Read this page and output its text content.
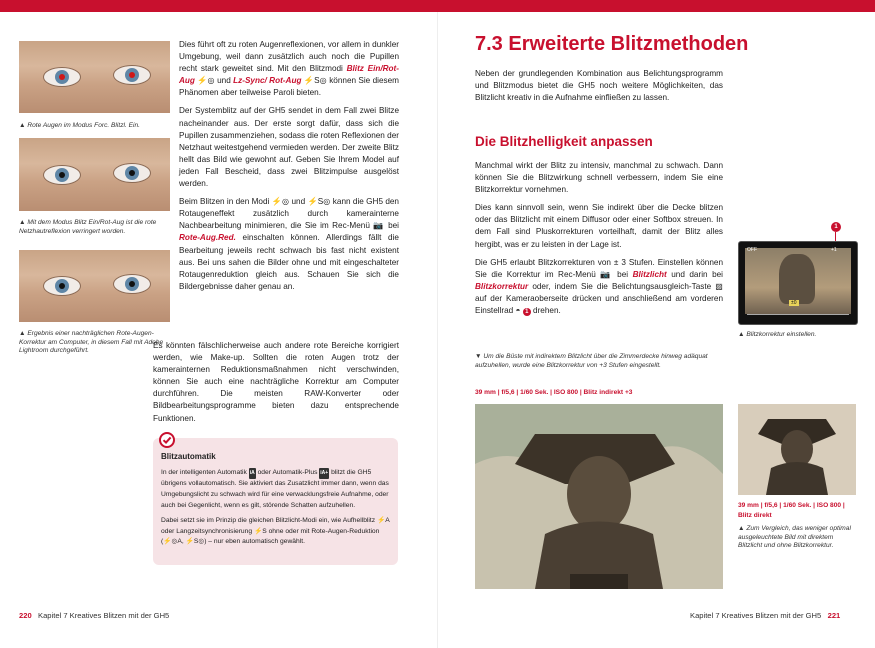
▲ Rote Augen im Modus Forc. Blitzl. Ein.
▲ Mit dem Modus Blitz Ein/Rot-Aug ist die rote Netzhautreflexion verringert worden.
▲ Ergebnis einer nachträglichen Rote-Augen-Korrektur am Computer, in diesem Fall mit Adobe Lightroom durchgeführt.

Dies führt oft zu roten Augenreflexionen, vor allem in dunkler Umgebung, weil dann zusätzlich auch noch die Pupillen recht stark geweitet sind. Mit den Blitzmodi Blitz Ein/Rot-Aug ⚡◎ und Lz-Sync/ Rot-Aug ⚡S◎ können Sie diesem Phänomen aber teilweise Paroli bieten.

Der Systemblitz auf der GH5 sendet in dem Fall zwei Blitze nacheinander aus. Der erste sorgt dafür, dass sich die Pupillen zusammenziehen, sodass die roten Reflexionen der Netzhaut weitestgehend vermieden werden. Der zweite Blitz hellt das Bild wie gewohnt auf. Geben Sie Ihrem Model auf jeden Fall Bescheid, dass zwei Blitzimpulse ausgelöst werden.

Beim Blitzen in den Modi ⚡◎ und ⚡S◎ kann die GH5 den Rotaugeneffekt zusätzlich durch kamerainterne Nachbearbeitung minimieren, die Sie im Rec-Menü 📷 bei Rote-Aug.Red. einschalten können. Allerdings fällt die Bearbeitung jeweils recht schwach bis fast nicht existent aus. Bei uns sahen die Bilder ohne und mit eingeschalteter Rotaugenreduktion gleich aus. Schauen Sie sich die Bildergebnisse daher genau an.

Es könnten fälschlicherweise auch andere rote Bereiche korrigiert werden, wie Make-up. Sollten die roten Augen trotz der kamerainternen Reduktionsmaßnahmen nicht verschwinden, können Sie auch eine nachträgliche Korrektur am Computer durchführen. Die meisten RAW-Konverter oder Bildbearbeitungsprogramme bieten dazu entsprechende Funktionen.

Blitzautomatik

In der intelligenten Automatik iA oder Automatik-Plus iA+ blitzt die GH5 übrigens vollautomatisch. Sie aktiviert das Zusatzlicht immer dann, wenn das Umgebungslicht zu schwach wird für eine verwacklungsfreie Aufnahme, oder auch bei Gegenlicht, wenn es gilt, störende Schatten aufzuhellen.

Dabei setzt sie im Prinzip die gleichen Blitzlicht-Modi ein, wie Aufhellblitz ⚡A oder Langzeitsynchronisierung ⚡S ohne oder mit Rote-Augen-Reduktion (⚡◎A, ⚡S◎) – nur eben automatisch gewählt.

220 Kapitel 7 Kreatives Blitzen mit der GH5
7.3 Erweiterte Blitzmethoden

Neben der grundlegenden Kombination aus Belichtungsprogramm und Blitzmodus bietet die GH5 noch weitere Möglichkeiten, das Blitzlicht kreativ in die Aufnahme einfließen zu lassen.

Die Blitzhelligkeit anpassen

Manchmal wirkt der Blitz zu intensiv, manchmal zu schwach. Dann können Sie die Blitzwirkung schnell verbessern, indem Sie eine Blitzkorrektur vornehmen.

Dies kann sinnvoll sein, wenn Sie indirekt über die Decke blitzen oder das Blitzlicht mit einem Diffusor oder einer Softbox streuen. In dem Fall sind Pluskorrekturen vorteilhaft, damit der Blitz alles hergibt, was er zu leisten in der Lage ist.

Die GH5 erlaubt Blitzkorrekturen von ± 3 Stufen. Einstellen können Sie die Korrektur im Rec-Menü 📷 bei Blitzlicht und darin bei Blitzkorrektur oder, indem Sie die Belichtungsausgleich-Taste ▨ auf der Kameraoberseite drücken und anschließend am vorderen Einstellrad ◓ 1 drehen.

1
OFF	+1
±0
▲ Blitzkorrektur einstellen.
▼ Um die Büste mit indirektem Blitzlicht über die Zimmerdecke hinweg adäquat aufzuhellen, wurde eine Blitzkorrektur von +3 Stufen eingestellt.
39 mm | f/5,6 | 1/60 Sek. | ISO 800 | Blitz indirekt +3
39 mm | f/5,6 | 1/60 Sek. | ISO 800 |
Blitz direkt
▲ Zum Vergleich, das weniger optimal ausgeleuchtete Bild mit direktem Blitzlicht und ohne Blitzkorrektur.
Kapitel 7 Kreatives Blitzen mit der GH5 221
